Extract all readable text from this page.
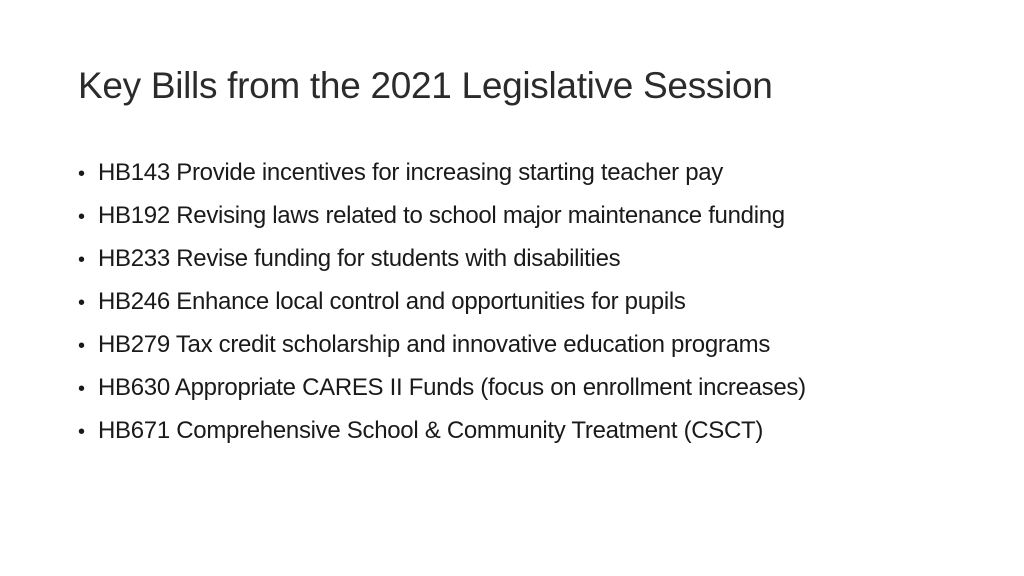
Key Bills from the 2021 Legislative Session
• HB143 Provide incentives for increasing starting teacher pay
• HB192 Revising laws related to school major maintenance funding
• HB233 Revise funding for students with disabilities
• HB246 Enhance local control and opportunities for pupils
• HB279 Tax credit scholarship and innovative education programs
• HB630 Appropriate CARES II Funds (focus on enrollment increases)
• HB671 Comprehensive School & Community Treatment (CSCT)
